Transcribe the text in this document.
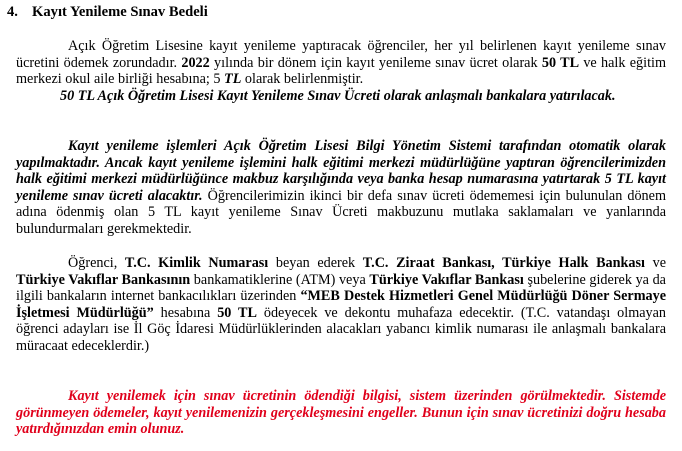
4. Kayıt Yenileme Sınav Bedeli
Açık Öğretim Lisesine kayıt yenileme yaptıracak öğrenciler, her yıl belirlenen kayıt yenileme sınav ücretini ödemek zorundadır. 2022 yılında bir dönem için kayıt yenileme sınav ücret olarak 50 TL ve halk eğitim merkezi okul aile birliği hesabına; 5 TL olarak belirlenmiştir.
50 TL Açık Öğretim Lisesi Kayıt Yenileme Sınav Ücreti olarak anlaşmalı bankalara yatırılacak.
Kayıt yenileme işlemleri Açık Öğretim Lisesi Bilgi Yönetim Sistemi tarafından otomatik olarak yapılmaktadır. Ancak kayıt yenileme işlemini halk eğitimi merkezi müdürlüğüne yaptıran öğrencilerimizden halk eğitimi merkezi müdürlüğünce makbuz karşılığında veya banka hesap numarasına yatırtarak 5 TL kayıt yenileme sınav ücreti alacaktır. Öğrencilerimizin ikinci bir defa sınav ücreti ödememesi için bulunulan dönem adına ödenmiş olan 5 TL kayıt yenileme Sınav Ücreti makbuzunu mutlaka saklamaları ve yanlarında bulundurmaları gerekmektedir.
Öğrenci, T.C. Kimlik Numarası beyan ederek T.C. Ziraat Bankası, Türkiye Halk Bankası ve Türkiye Vakıflar Bankasının bankamatiklerine (ATM) veya Türkiye Vakıflar Bankası şubelerine giderek ya da ilgili bankaların internet bankacılıkları üzerinden “MEB Destek Hizmetleri Genel Müdürlüğü Döner Sermaye İşletmesi Müdürlüğü” hesabına 50 TL ödeyecek ve dekontu muhafaza edecektir. (T.C. vatandaşı olmayan öğrenci adayları ise İl Göç İdaresi Müdürlüklerinden alacakları yabancı kimlik numarası ile anlaşmalı bankalara müracaat edeceklerdir.)
Kayıt yenilemek için sınav ücretinin ödendiği bilgisi, sistem üzerinden görülmektedir. Sistemde görünmeyen ödemeler, kayıt yenilemenizin gerçekleşmesini engeller. Bunun için sınav ücretinizi doğru hesaba yatırdığınızdan emin olunuz.
